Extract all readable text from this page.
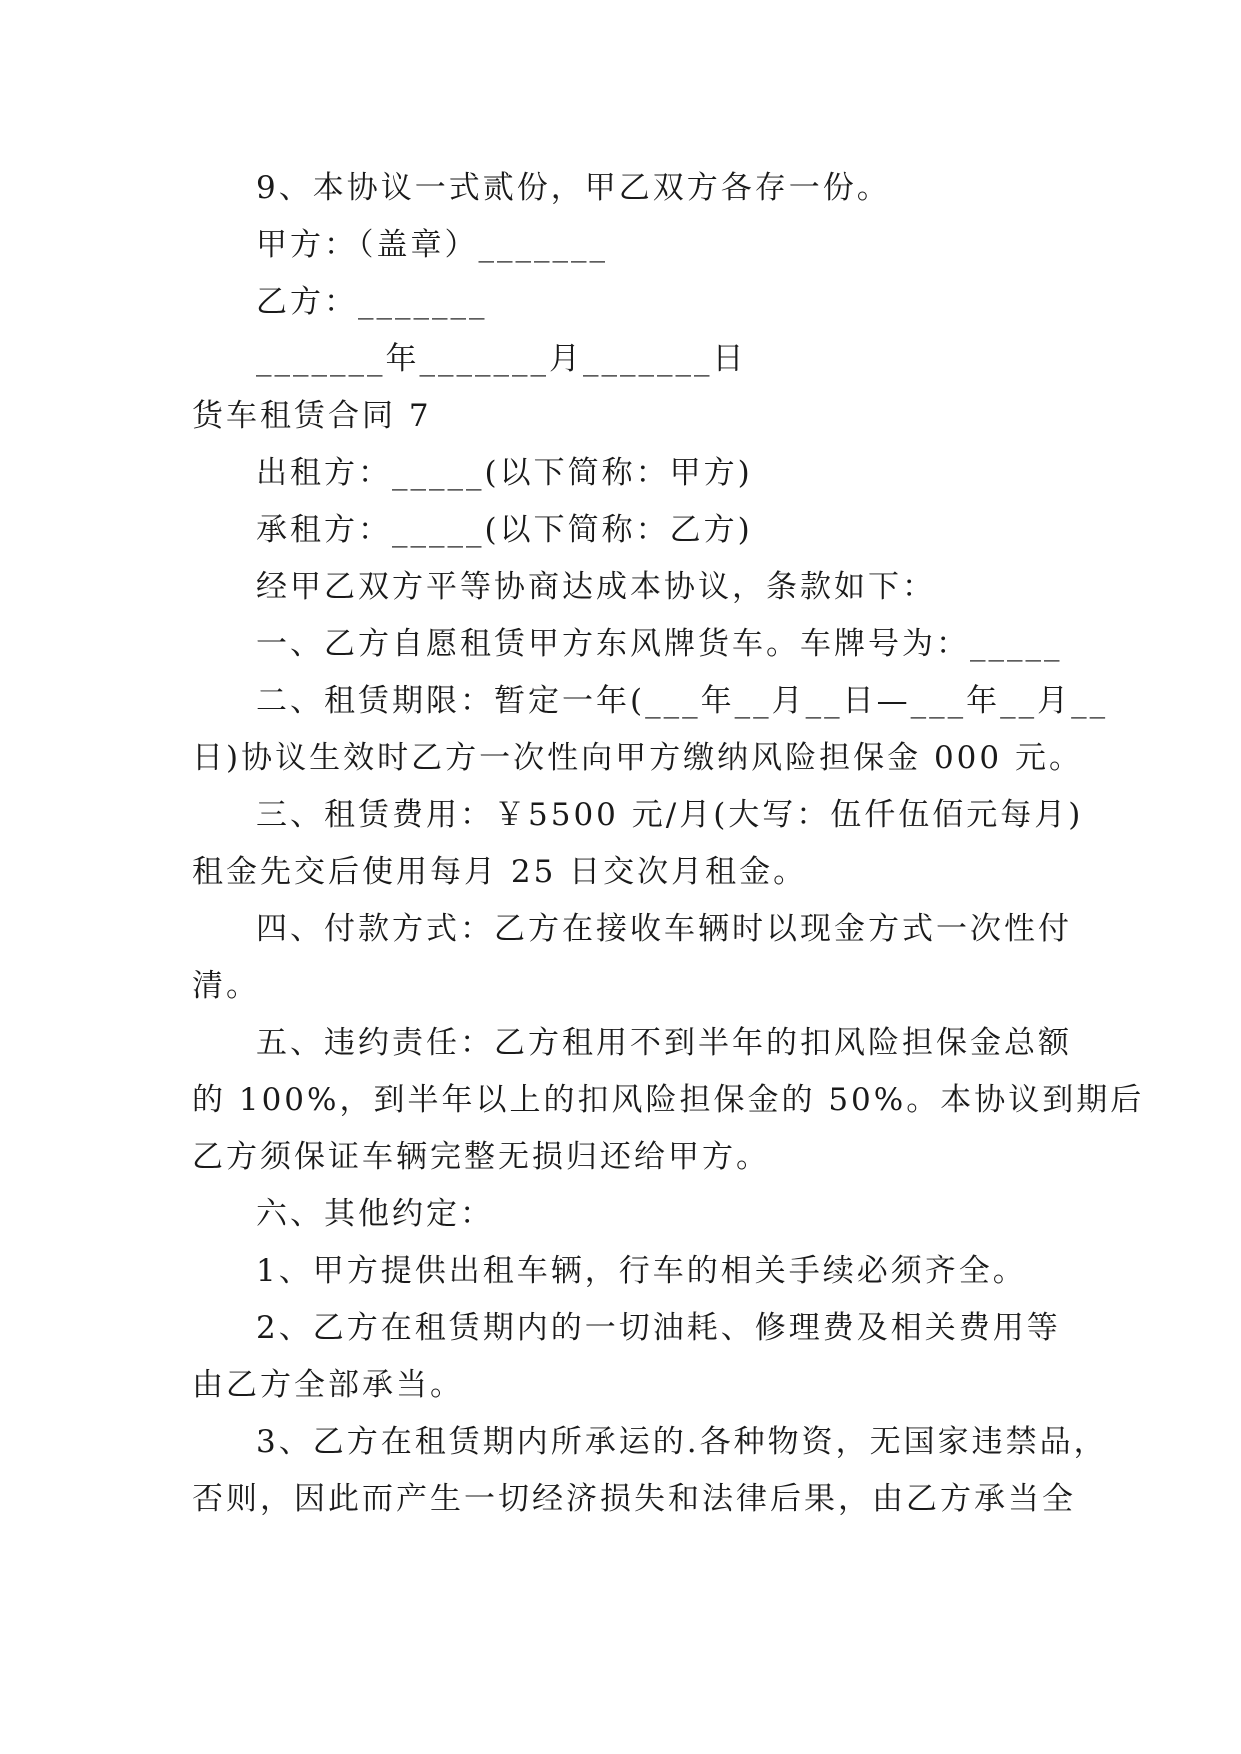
9、本协议一式贰份，甲乙双方各存一份。
甲方：（盖章）_______
乙方：_______
_______年_______月_______日
货车租赁合同 7
出租方：_____(以下简称：甲方)
承租方：_____(以下简称：乙方)
经甲乙双方平等协商达成本协议，条款如下：
一、乙方自愿租赁甲方东风牌货车。车牌号为：_____
二、租赁期限：暂定一年(___年__月__日—___年__月__
日)协议生效时乙方一次性向甲方缴纳风险担保金 000 元。
三、租赁费用：￥5500 元/月(大写：伍仟伍佰元每月)
租金先交后使用每月 25 日交次月租金。
四、付款方式：乙方在接收车辆时以现金方式一次性付
清。
五、违约责任：乙方租用不到半年的扣风险担保金总额
的 100%，到半年以上的扣风险担保金的 50%。本协议到期后
乙方须保证车辆完整无损归还给甲方。
六、其他约定：
1、甲方提供出租车辆，行车的相关手续必须齐全。
2、乙方在租赁期内的一切油耗、修理费及相关费用等
由乙方全部承当。
3、乙方在租赁期内所承运的.各种物资，无国家违禁品，
否则，因此而产生一切经济损失和法律后果，由乙方承当全
